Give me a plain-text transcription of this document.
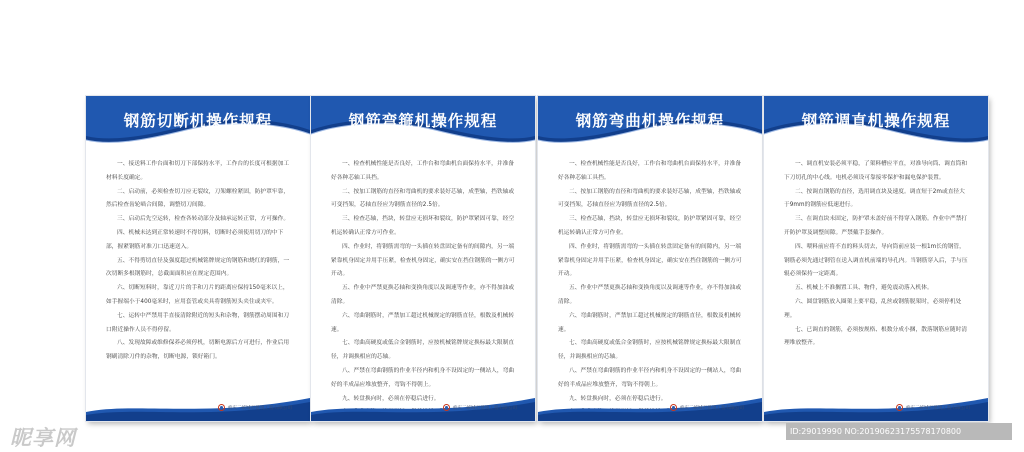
钢筋切断机操作规程

一、接送料工作台面和切刀下部保持水平，工作台的长度可根据加工材料长度确定。

二、启动前，必须检查切刀应无裂纹，刀架螺栓紧固，防护罩牢靠，然后检查齿轮啮合间隙，调整切刀间隙。

三、启动后先空运转，检查各转动部分及轴承运转正常，方可操作。

四、机械未达到正常转速时不得切料，切断时必须使用切刀的中下部，握紧钢筋对准刀口迅速送入。

五、不得剪切直径及强度超过机械铭牌规定的钢筋和烧红的钢筋，一次切断多根钢筋时，总截面面积应在规定范围内。

六、切断短料时，靠近刀片的手和刀片的距离应保持150毫米以上，如手握端小于400毫米时，应用套管或夹具将钢筋短头夹住或夹牢。

七、运转中严禁用手直接清除附近的短头和杂物，钢筋摆动周围和刀口附近操作人员不得停留。

八、发现故障或维修保养必须停机，切断电源后方可进行，作业后用钢刷清除刀件的杂物，切断电源，锁好箱门。

重庆二峡城市建筑工程有限公司
钢筋弯箍机操作规程

一、检查机械性能是否良好，工作台和弯曲机台面保持水平，并准备好各种芯轴工具挡。

二、按加工钢筋的直径和弯曲机的要求装好芯轴，成型轴，挡铁轴或可变挡架，芯轴直径应为钢筋直径的2.5倍。

三、检查芯轴，挡块，转盘应无损坏和裂纹，防护罩紧固可靠，经空机运转确认正常方可作业。

四、作业时，将钢筋需弯的一头插在转盘固定备有的间隙内，另一端紧靠机身固定并用手压紧，检查机身固定，确实安在挡住钢筋的一侧方可开动。

五、作业中严禁更换芯轴和变换角度以及调速等作业，亦不得加油或清除。

六、弯曲钢筋时，严禁加工超过机械规定的钢筋直径，根数及机械转速。

七、弯曲高硬度或低合金钢筋时，应按机械铭牌规定换标最大限制直径，并调换相应的芯轴。

八、严禁在弯曲钢筋的作业半径内和机身不设固定的一侧站人，弯曲好的半成品应堆放整齐，弯钩不得朝上。

九、转盘换向时，必须在停稳后进行。

重庆二峡城市建筑工程有限公司
钢筋弯曲机操作规程

一、检查机械性能是否良好，工作台和弯曲机台面保持水平，并准备好各种芯轴工具挡。

二、按加工钢筋的直径和弯曲机的要求装好芯轴，成型轴，挡铁轴或可变挡架，芯轴直径应为钢筋直径的2.5倍。

三、检查芯轴，挡块，转盘应无损坏和裂纹，防护罩紧固可靠，经空机运转确认正常方可作业。

四、作业时，将钢筋需弯的一头插在转盘固定备有的间隙内，另一端紧靠机身固定并用手压紧，检查机身固定，确实安在挡住钢筋的一侧方可开动。

五、作业中严禁更换芯轴和变换角度以及调速等作业，亦不得加油或清除。

六、弯曲钢筋时，严禁加工超过机械规定的钢筋直径，根数及机械转速。

七、弯曲高硬度或低合金钢筋时，应按机械铭牌规定换标最大限制直径，并调换相应的芯轴。

八、严禁在弯曲钢筋的作业半径内和机身不设固定的一侧站人，弯曲好的半成品应堆放整齐，弯钩不得朝上。

九、转盘换向时，必须在停稳后进行。

重庆二峡城市建筑工程有限公司
钢筋调直机操作规程

一、调直机安装必须平稳，了架料槽应平直，对准导向筒、调直筒和下刀切孔的中心线。电机必须设可靠接零保护和漏电保护装置。

二、按调直钢筋的直径，选用调直块及速度。调直短于2m或直径大于9mm的钢筋应低速进行。

三、在调直块未固定，防护罩未盖好前不得穿入钢筋。作业中严禁打开防护罩及调整间隙。严禁戴手套操作。

四、喂料前应将不直的料头切去，导向筒前应装一根1m长的钢管，钢筋必须先通过钢管在送入调直机前端的导孔内。当钢筋穿入后，手与压辊必须保持一定距离。

五、机械上不准搁置工具、物件，避免震动落入机体。

六、圆盘钢筋放入圈架上要平稳，乱丝或钢筋脱架时，必须停机处理。

七、已调直的钢筋，必须按规格、根数分成小捆，散落钢筋应随时清理堆放整齐。

重庆二峡城市建筑工程有限公司
昵享网	ID:29019990 NO:20190623175578170800
